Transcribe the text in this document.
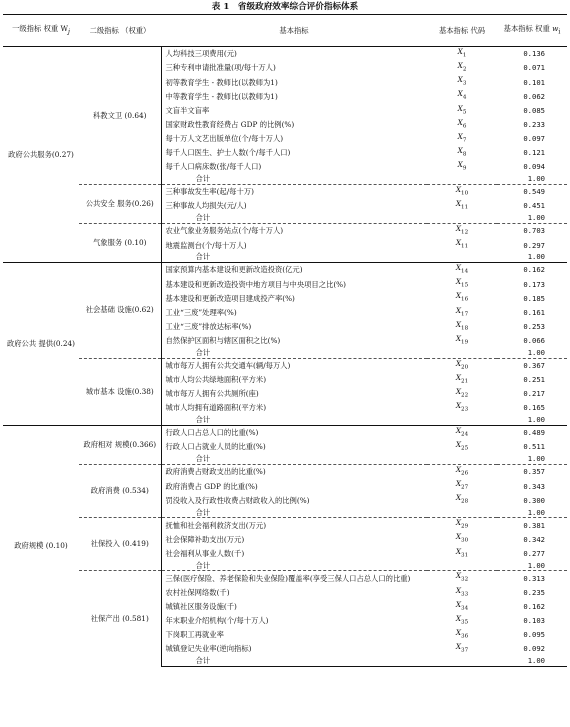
表 1　省级政府效率综合评价指标体系
一级指标 权重 $W_j$	二级指标 （权重）	基本指标	基本指标 代码	基本指标 权重 $w_i$
政府公共服务(0.27)	科教文卫 (0.64)	人均科技三项费用(元)	$X_1$	0.136
		三种专利申请批准量(项/每十万人)	$X_2$	0.071
		初等教育学生 - 教师比(以教师为1)	$X_3$	0.101
		中等教育学生 - 教师比(以教师为1)	$X_4$	0.062
		文盲半文盲率	$X_5$	0.085
		国家财政性教育经费占 GDP 的比例(%)	$X_6$	0.233
		每十万人文艺出版单位(个/每十万人)	$X_7$	0.097
		每千人口医生、护士人数(个/每千人口)	$X_8$	0.121
		每千人口病床数(张/每千人口)	$X_9$	0.094
		合计		1.00
	公共安全 服务(0.26)	三种事故发生率(起/每十万)	$X_{10}$	0.549
		三种事故人均损失(元/人)	$X_{11}$	0.451
		合计		1.00
	气象服务 (0.10)	农业气象业务服务站点(个/每十万人)	$X_{12}$	0.703
		地震监测台(个/每十万人)	$X_{11}$	0.297
		合计		1.00
政府公共 提供(0.24)	社会基础 设施(0.62)	国家预算内基本建设和更新改造投资(亿元)	$X_{14}$	0.162
		基本建设和更新改造投资中地方项目与中央项目之比(%)	$X_{15}$	0.173
		基本建设和更新改造项目建成投产率(%)	$X_{16}$	0.185
		工业“三废”处理率(%)	$X_{17}$	0.161
		工业“三废”排放达标率(%)	$X_{18}$	0.253
		自然保护区面积与辖区面积之比(%)	$X_{19}$	0.066
		合计		1.00
	城市基本 设施(0.38)	城市每万人拥有公共交通车(辆/每万人)	$X_{20}$	0.367
		城市人均公共绿地面积(平方米)	$X_{21}$	0.251
		城市每万人拥有公共厕所(座)	$X_{22}$	0.217
		城市人均拥有道路面积(平方米)	$X_{23}$	0.165
		合计		1.00
政府规模 (0.10)	政府相对 规模(0.366)	行政人口占总人口的比重(%)	$X_{24}$	0.489
		行政人口占就业人员的比重(%)	$X_{25}$	0.511
		合计		1.00
	政府消费 (0.534)	政府消费占财政支出的比重(%)	$X_{26}$	0.357
		政府消费占 GDP 的比重(%)	$X_{27}$	0.343
		罚没收入及行政性收费占财政收入的比例(%)	$X_{28}$	0.300
		合计		1.00
	社保投入 (0.419)	抚恤和社会福利救济支出(万元)	$X_{29}$	0.381
		社会保障补助支出(万元)	$X_{30}$	0.342
		社会福利从事业人数(千)	$X_{31}$	0.277
		合计		1.00
	社保产出 (0.581)	三保(医疗保险、养老保险和失业保险)覆盖率(享受三保人口占总人口的比重)	$X_{32}$	0.313
		农村社保网络数(千)	$X_{33}$	0.235
		城镇社区服务设施(千)	$X_{34}$	0.162
		年末职业介绍机构(个/每十万人)	$X_{35}$	0.103
		下岗职工再就业率	$X_{36}$	0.095
		城镇登记失业率(逆向指标)	$X_{37}$	0.092
		合计		1.00
